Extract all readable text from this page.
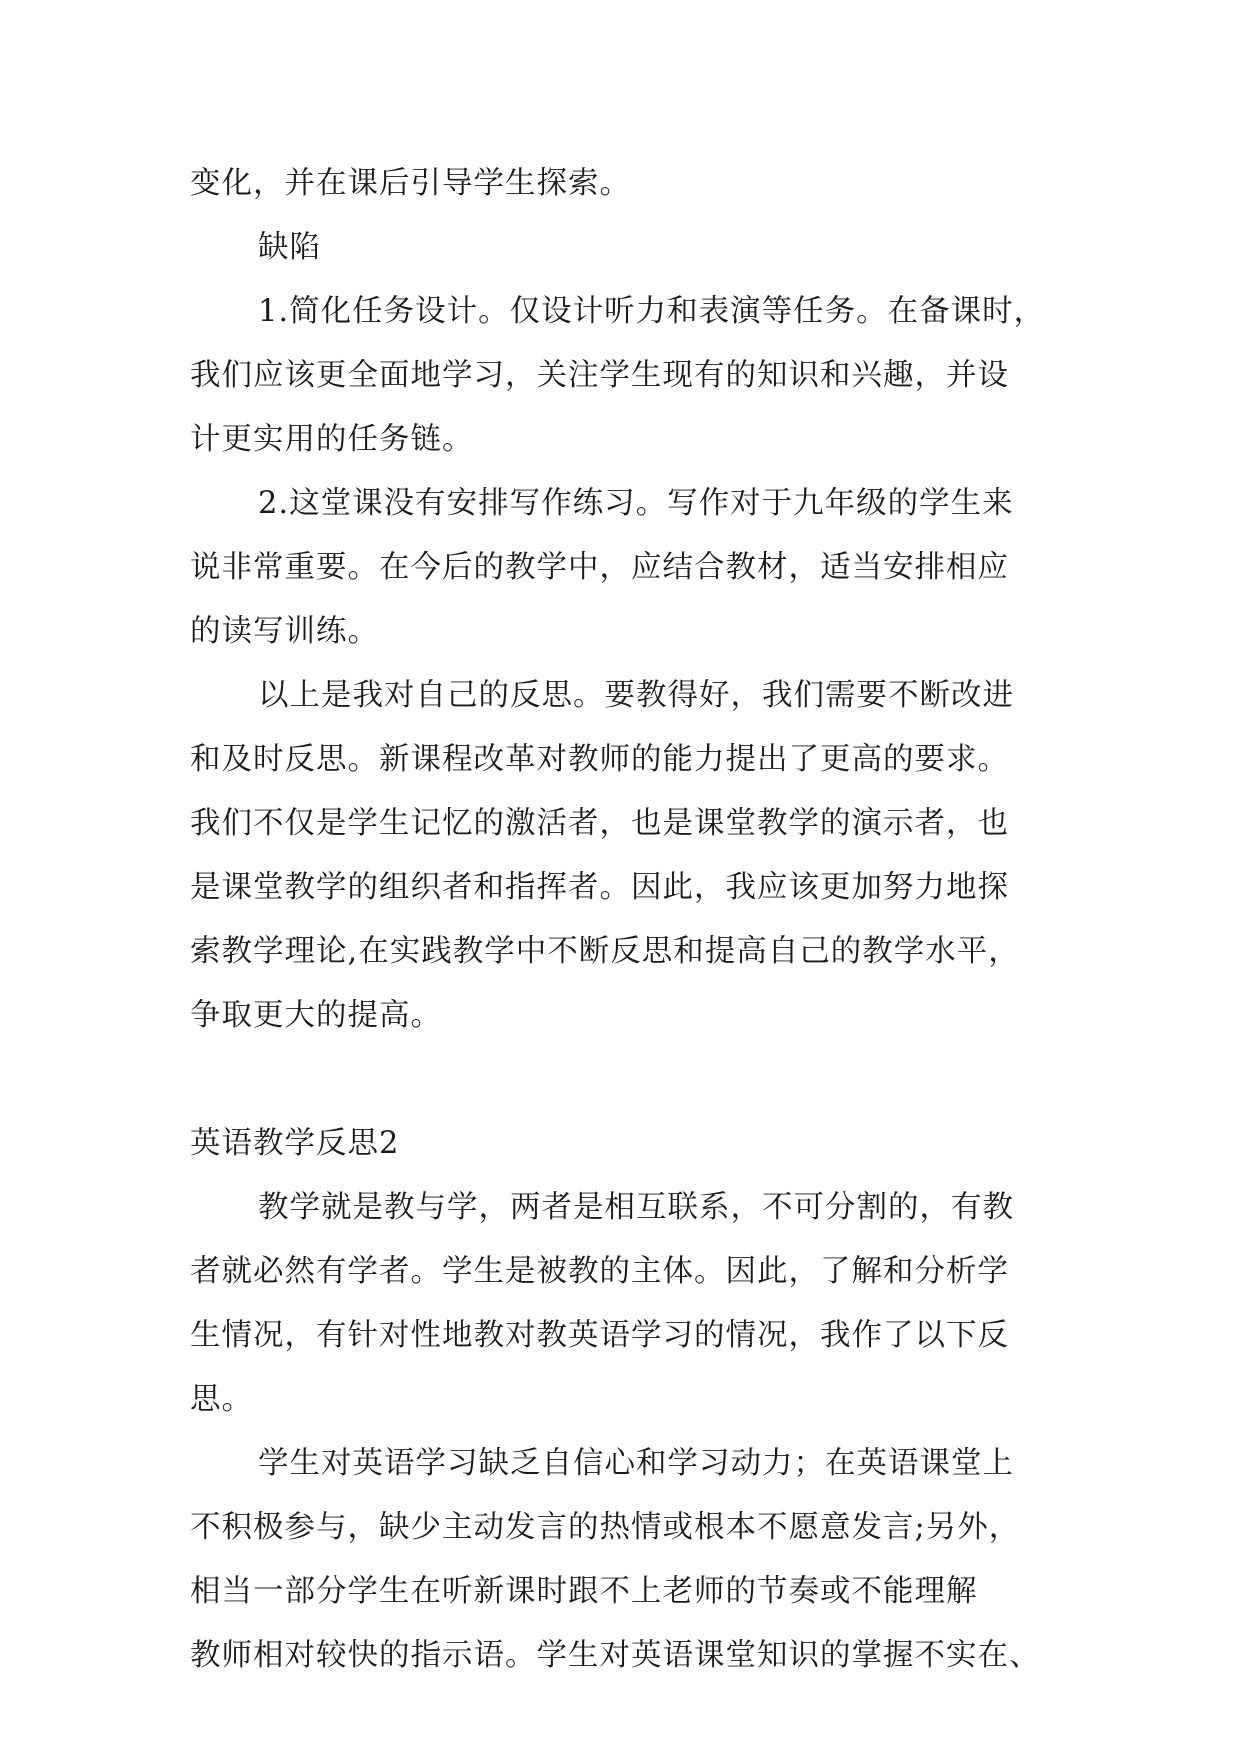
变化，并在课后引导学生探索。
缺陷
1.简化任务设计。仅设计听力和表演等任务。在备课时，
我们应该更全面地学习，关注学生现有的知识和兴趣，并设
计更实用的任务链。
2.这堂课没有安排写作练习。写作对于九年级的学生来
说非常重要。在今后的教学中，应结合教材，适当安排相应
的读写训练。
以上是我对自己的反思。要教得好，我们需要不断改进
和及时反思。新课程改革对教师的能力提出了更高的要求。
我们不仅是学生记忆的激活者，也是课堂教学的演示者，也
是课堂教学的组织者和指挥者。因此，我应该更加努力地探
索教学理论,在实践教学中不断反思和提高自己的教学水平，
争取更大的提高。
英语教学反思2
教学就是教与学，两者是相互联系，不可分割的，有教
者就必然有学者。学生是被教的主体。因此，了解和分析学
生情况，有针对性地教对教英语学习的情况，我作了以下反
思。
学生对英语学习缺乏自信心和学习动力；在英语课堂上
不积极参与，缺少主动发言的热情或根本不愿意发言;另外，
相当一部分学生在听新课时跟不上老师的节奏或不能理解
教师相对较快的指示语。学生对英语课堂知识的掌握不实在、
